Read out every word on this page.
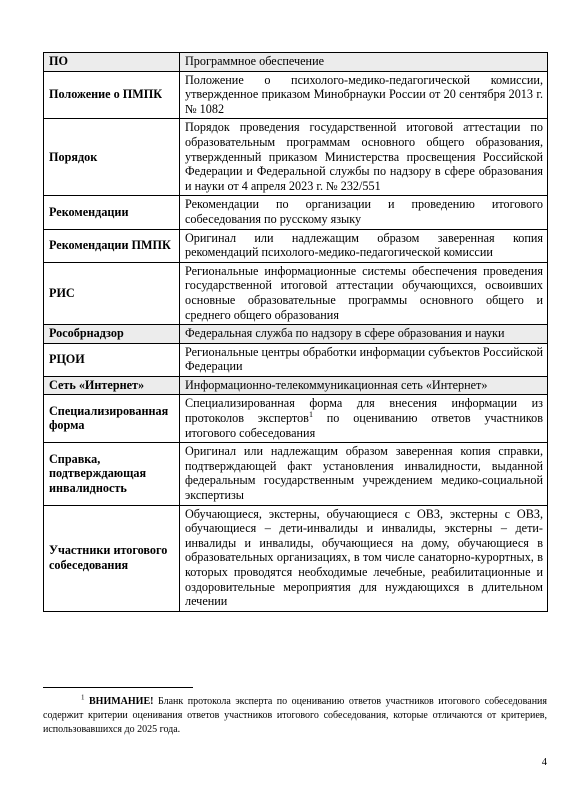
ПО	Программное обеспечение
Положение о ПМПК	Положение о психолого-медико-педагогической комиссии, утвержденное приказом Минобрнауки России от 20 сентября 2013 г. № 1082
Порядок	Порядок проведения государственной итоговой аттестации по образовательным программам основного общего образования, утвержденный приказом Министерства просвещения Российской Федерации и Федеральной службы по надзору в сфере образования и науки от 4 апреля 2023 г. № 232/551
Рекомендации	Рекомендации по организации и проведению итогового собеседования по русскому языку
Рекомендации ПМПК	Оригинал или надлежащим образом заверенная копия рекомендаций психолого-медико-педагогической комиссии
РИС	Региональные информационные системы обеспечения проведения государственной итоговой аттестации обучающихся, освоивших основные образовательные программы основного общего и среднего общего образования
Рособрнадзор	Федеральная служба по надзору в сфере образования и науки
РЦОИ	Региональные центры обработки информации субъектов Российской Федерации
Сеть «Интернет»	Информационно-телекоммуникационная сеть «Интернет»
Специализированная форма	Специализированная форма для внесения информации из протоколов экспертов$^1$ по оцениванию ответов участников итогового собеседования
Справка, подтверждающая инвалидность	Оригинал или надлежащим образом заверенная копия справки, подтверждающей факт установления инвалидности, выданной федеральным государственным учреждением медико-социальной экспертизы
Участники итогового собеседования	Обучающиеся, экстерны, обучающиеся с ОВЗ, экстерны с ОВЗ, обучающиеся – дети-инвалиды и инвалиды, экстерны – дети-инвалиды и инвалиды, обучающиеся на дому, обучающиеся в образовательных организациях, в том числе санаторно-курортных, в которых проводятся необходимые лечебные, реабилитационные и оздоровительные мероприятия для нуждающихся в длительном лечении
$^1$ ВНИМАНИЕ! Бланк протокола эксперта по оцениванию ответов участников итогового собеседования содержит критерии оценивания ответов участников итогового собеседования, которые отличаются от критериев, использовавшихся до 2025 года.
4
